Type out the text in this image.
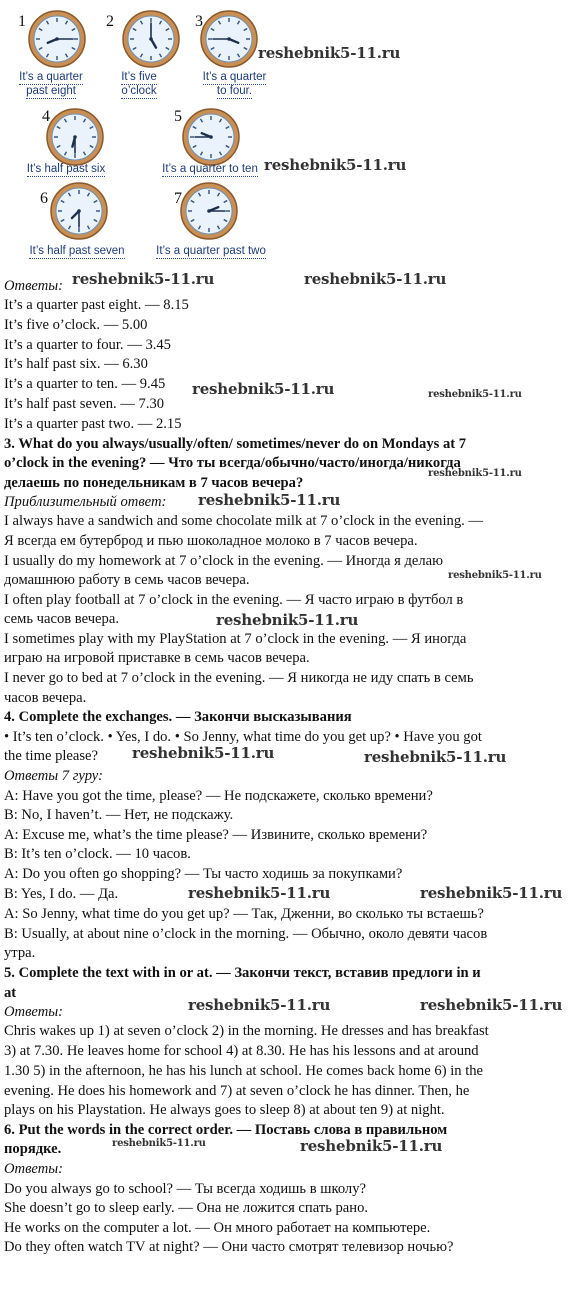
1
It’s a quarter
past eight
2
It’s five
o’clock
3
It’s a quarter
to four.
4
It’s half past six
5
It’s a quarter to ten
6
It’s half past seven
7
It’s a quarter past two
reshebnik5-11.ru
reshebnik5-11.ru
reshebnik5-11.ru	reshebnik5-11.ru
reshebnik5-11.ru	reshebnik5-11.ru
reshebnik5-11.ru
reshebnik5-11.ru
reshebnik5-11.ru
reshebnik5-11.ru
reshebnik5-11.ru	reshebnik5-11.ru
reshebnik5-11.ru	reshebnik5-11.ru
reshebnik5-11.ru	reshebnik5-11.ru
reshebnik5-11.ru	reshebnik5-11.ru
Ответы:
It’s a quarter past eight. — 8.15
It’s five o’clock. — 5.00
It’s a quarter to four. — 3.45
It’s half past six. — 6.30
It’s a quarter to ten. — 9.45
It’s half past seven. — 7.30
It’s a quarter past two. — 2.15
3. What do you always/usually/often/ sometimes/never do on Mondays at 7
o’clock in the evening? — Что ты всегда/обычно/часто/иногда/никогда
делаешь по понедельникам в 7 часов вечера?
Приблизительный ответ:
I always have a sandwich and some chocolate milk at 7 o’clock in the evening. —
Я всегда ем бутерброд и пью шоколадное молоко в 7 часов вечера.
I usually do my homework at 7 o’clock in the evening. — Иногда я делаю
домашнюю работу в семь часов вечера.
I often play football at 7 o’clock in the evening. — Я часто играю в футбол в
семь часов вечера.
I sometimes play with my PlayStation at 7 o’clock in the evening. — Я иногда
играю на игровой приставке в семь часов вечера.
I never go to bed at 7 o’clock in the evening. — Я никогда не иду спать в семь
часов вечера.
4. Complete the exchanges. — Закончи высказывания
• It’s ten o’clock. • Yes, I do. • So Jenny, what time do you get up? • Have you got
the time please?
Ответы 7 гуру:
A: Have you got the time, please? — Не подскажете, сколько времени?
B: No, I haven’t. — Нет, не подскажу.
A: Excuse me, what’s the time please? — Извините, сколько времени?
B: It’s ten o’clock. — 10 часов.
A: Do you often go shopping? — Ты часто ходишь за покупками?
B: Yes, I do. — Да.
A: So Jenny, what time do you get up? — Так, Дженни, во сколько ты встаешь?
B: Usually, at about nine o’clock in the morning. — Обычно, около девяти часов
утра.
5. Complete the text with in or at. — Закончи текст, вставив предлоги in и
at
Ответы:
Chris wakes up 1) at seven o’clock 2) in the morning. He dresses and has breakfast
3) at 7.30. He leaves home for school 4) at 8.30. He has his lessons and at around
1.30 5) in the afternoon, he has his lunch at school. He comes back home 6) in the
evening. He does his homework and 7) at seven o’clock he has dinner. Then, he
plays on his Playstation. He always goes to sleep 8) at about ten 9) at night.
6. Put the words in the correct order. — Поставь слова в правильном
порядке.
Ответы:
Do you always go to school? — Ты всегда ходишь в школу?
She doesn’t go to sleep early. — Она не ложится спать рано.
He works on the computer a lot. — Он много работает на компьютере.
Do they often watch TV at night? — Они часто смотрят телевизор ночью?
